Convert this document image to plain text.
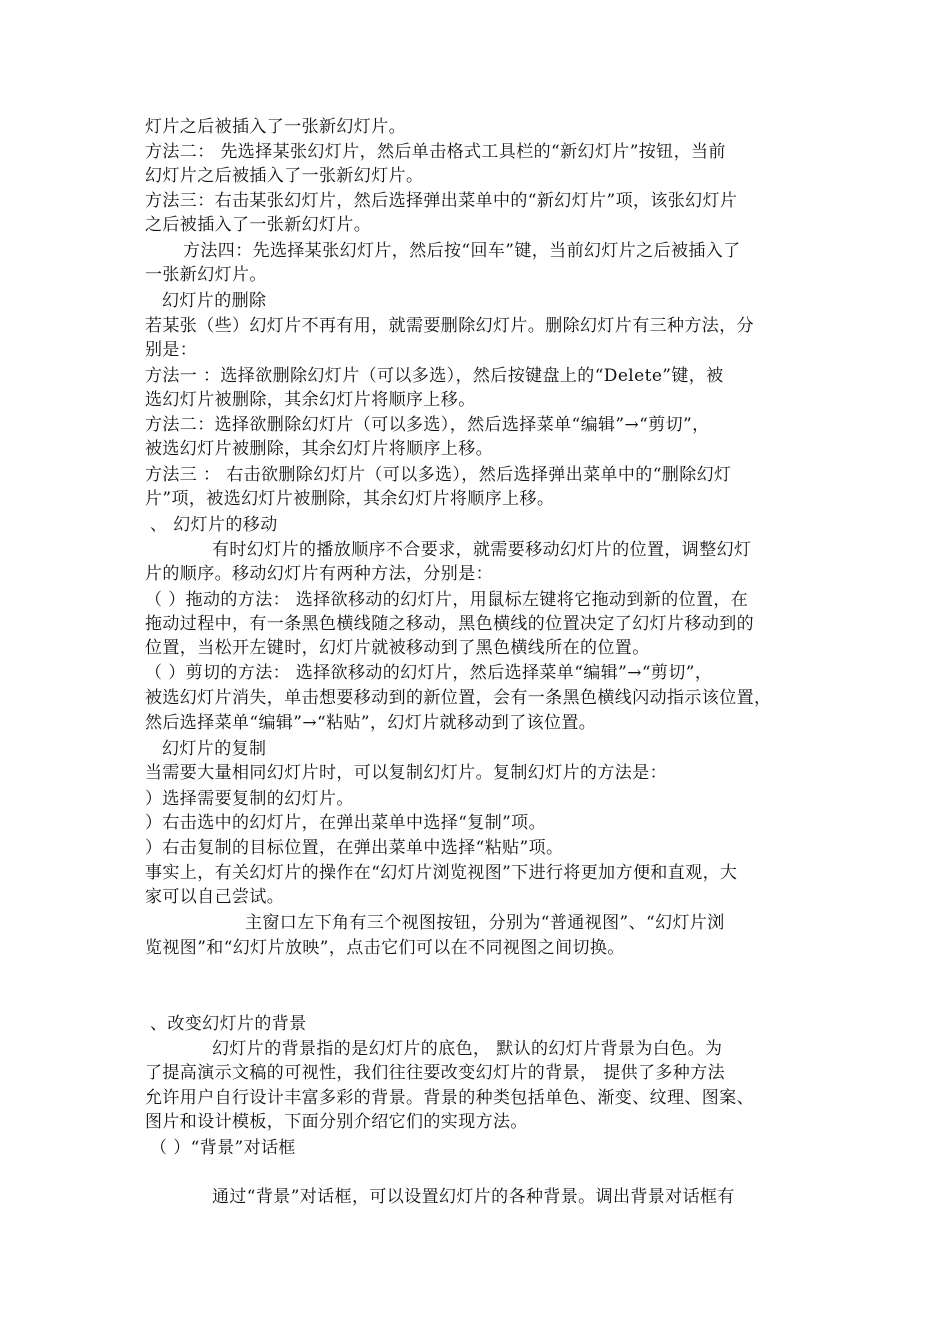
灯片之后被插入了一张新幻灯片。
方法二： 先选择某张幻灯片，然后单击格式工具栏的“新幻灯片”按钮，当前
幻灯片之后被插入了一张新幻灯片。
方法三：右击某张幻灯片，然后选择弹出菜单中的“新幻灯片”项，该张幻灯片
之后被插入了一张新幻灯片。
方法四：先选择某张幻灯片，然后按“回车”键，当前幻灯片之后被插入了
一张新幻灯片。
幻灯片的删除
若某张（些）幻灯片不再有用，就需要删除幻灯片。删除幻灯片有三种方法，分
别是：
方法一 ：选择欲删除幻灯片（可以多选），然后按键盘上的“Delete”键，被
选幻灯片被删除，其余幻灯片将顺序上移。
方法二：选择欲删除幻灯片（可以多选），然后选择菜单“编辑”→“剪切”，
被选幻灯片被删除，其余幻灯片将顺序上移。
方法三 ： 右击欲删除幻灯片（可以多选），然后选择弹出菜单中的“删除幻灯
片”项，被选幻灯片被删除，其余幻灯片将顺序上移。
、 幻灯片的移动
有时幻灯片的播放顺序不合要求，就需要移动幻灯片的位置，调整幻灯
片的顺序。移动幻灯片有两种方法，分别是：
（ ）拖动的方法： 选择欲移动的幻灯片，用鼠标左键将它拖动到新的位置，在
拖动过程中，有一条黑色横线随之移动，黑色横线的位置决定了幻灯片移动到的
位置，当松开左键时，幻灯片就被移动到了黑色横线所在的位置。
（ ）剪切的方法： 选择欲移动的幻灯片，然后选择菜单“编辑”→“剪切”，
被选幻灯片消失，单击想要移动到的新位置，会有一条黑色横线闪动指示该位置，
然后选择菜单“编辑”→“粘贴”，幻灯片就移动到了该位置。
幻灯片的复制
当需要大量相同幻灯片时，可以复制幻灯片。复制幻灯片的方法是：
）选择需要复制的幻灯片。
）右击选中的幻灯片，在弹出菜单中选择“复制”项。
）右击复制的目标位置，在弹出菜单中选择“粘贴”项。
事实上，有关幻灯片的操作在“幻灯片浏览视图”下进行将更加方便和直观，大
家可以自己尝试。
主窗口左下角有三个视图按钮，分别为“普通视图”、“幻灯片浏
览视图”和“幻灯片放映”，点击它们可以在不同视图之间切换。
、改变幻灯片的背景
幻灯片的背景指的是幻灯片的底色， 默认的幻灯片背景为白色。为
了提高演示文稿的可视性，我们往往要改变幻灯片的背景， 提供了多种方法
允许用户自行设计丰富多彩的背景。背景的种类包括单色、渐变、纹理、图案、
图片和设计模板，下面分别介绍它们的实现方法。
（ ）“背景”对话框
通过“背景”对话框，可以设置幻灯片的各种背景。调出背景对话框有
